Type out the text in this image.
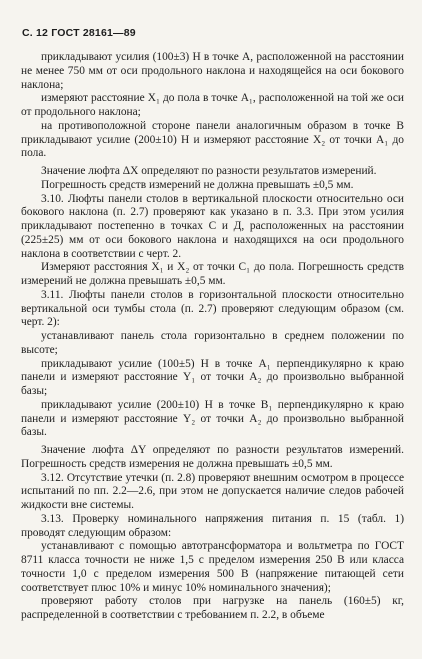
С. 12 ГОСТ 28161—89

прикладывают усилия (100±3) Н в точке А, расположенной на расстоянии не менее 750 мм от оси продольного наклона и находящейся на оси бокового наклона;

измеряют расстояние X₁ до пола в точке A₁, расположенной на той же оси от продольного наклона;

на противоположной стороне панели аналогичным образом в точке В прикладывают усилие (200±10) Н и измеряют расстояние X₂ от точки A₁ до пола.

Значение люфта ΔX определяют по разности результатов измерений.

Погрешность средств измерений не должна превышать ±0,5 мм.

3.10. Люфты панели столов в вертикальной плоскости относительно оси бокового наклона (п. 2.7) проверяют как указано в п. 3.3. При этом усилия прикладывают постепенно в точках С и Д, расположенных на расстоянии (225±25) мм от оси бокового наклона и находящихся на оси продольного наклона в соответствии с черт. 2.

Измеряют расстояния X₁ и X₂ от точки C₁ до пола. Погрешность средств измерений не должна превышать ±0,5 мм.

3.11. Люфты панели столов в горизонтальной плоскости относительно вертикальной оси тумбы стола (п. 2.7) проверяют следующим образом (см. черт. 2):

устанавливают панель стола горизонтально в среднем положении по высоте;

прикладывают усилие (100±5) Н в точке A₁ перпендикулярно к краю панели и измеряют расстояние Y₁ от точки A₂ до произвольно выбранной базы;

прикладывают усилие (200±10) Н в точке B₁ перпендикулярно к краю панели и измеряют расстояние Y₂ от точки A₂ до произвольно выбранной базы.

Значение люфта ΔY определяют по разности результатов измерений. Погрешность средств измерения не должна превышать ±0,5 мм.

3.12. Отсутствие утечки (п. 2.8) проверяют внешним осмотром в процессе испытаний по пп. 2.2—2.6, при этом не допускается наличие следов рабочей жидкости вне системы.

3.13. Проверку номинального напряжения питания п. 15 (табл. 1) проводят следующим образом:

устанавливают с помощью автотрансформатора и вольтметра по ГОСТ 8711 класса точности не ниже 1,5 с пределом измерения 250 В или класса точности 1,0 с пределом измерения 500 В (напряжение питающей сети соответствует плюс 10% и минус 10% номинального значения);

проверяют работу столов при нагрузке на панель (160±5) кг, распределенной в соответствии с требованием п. 2.2, в объеме
